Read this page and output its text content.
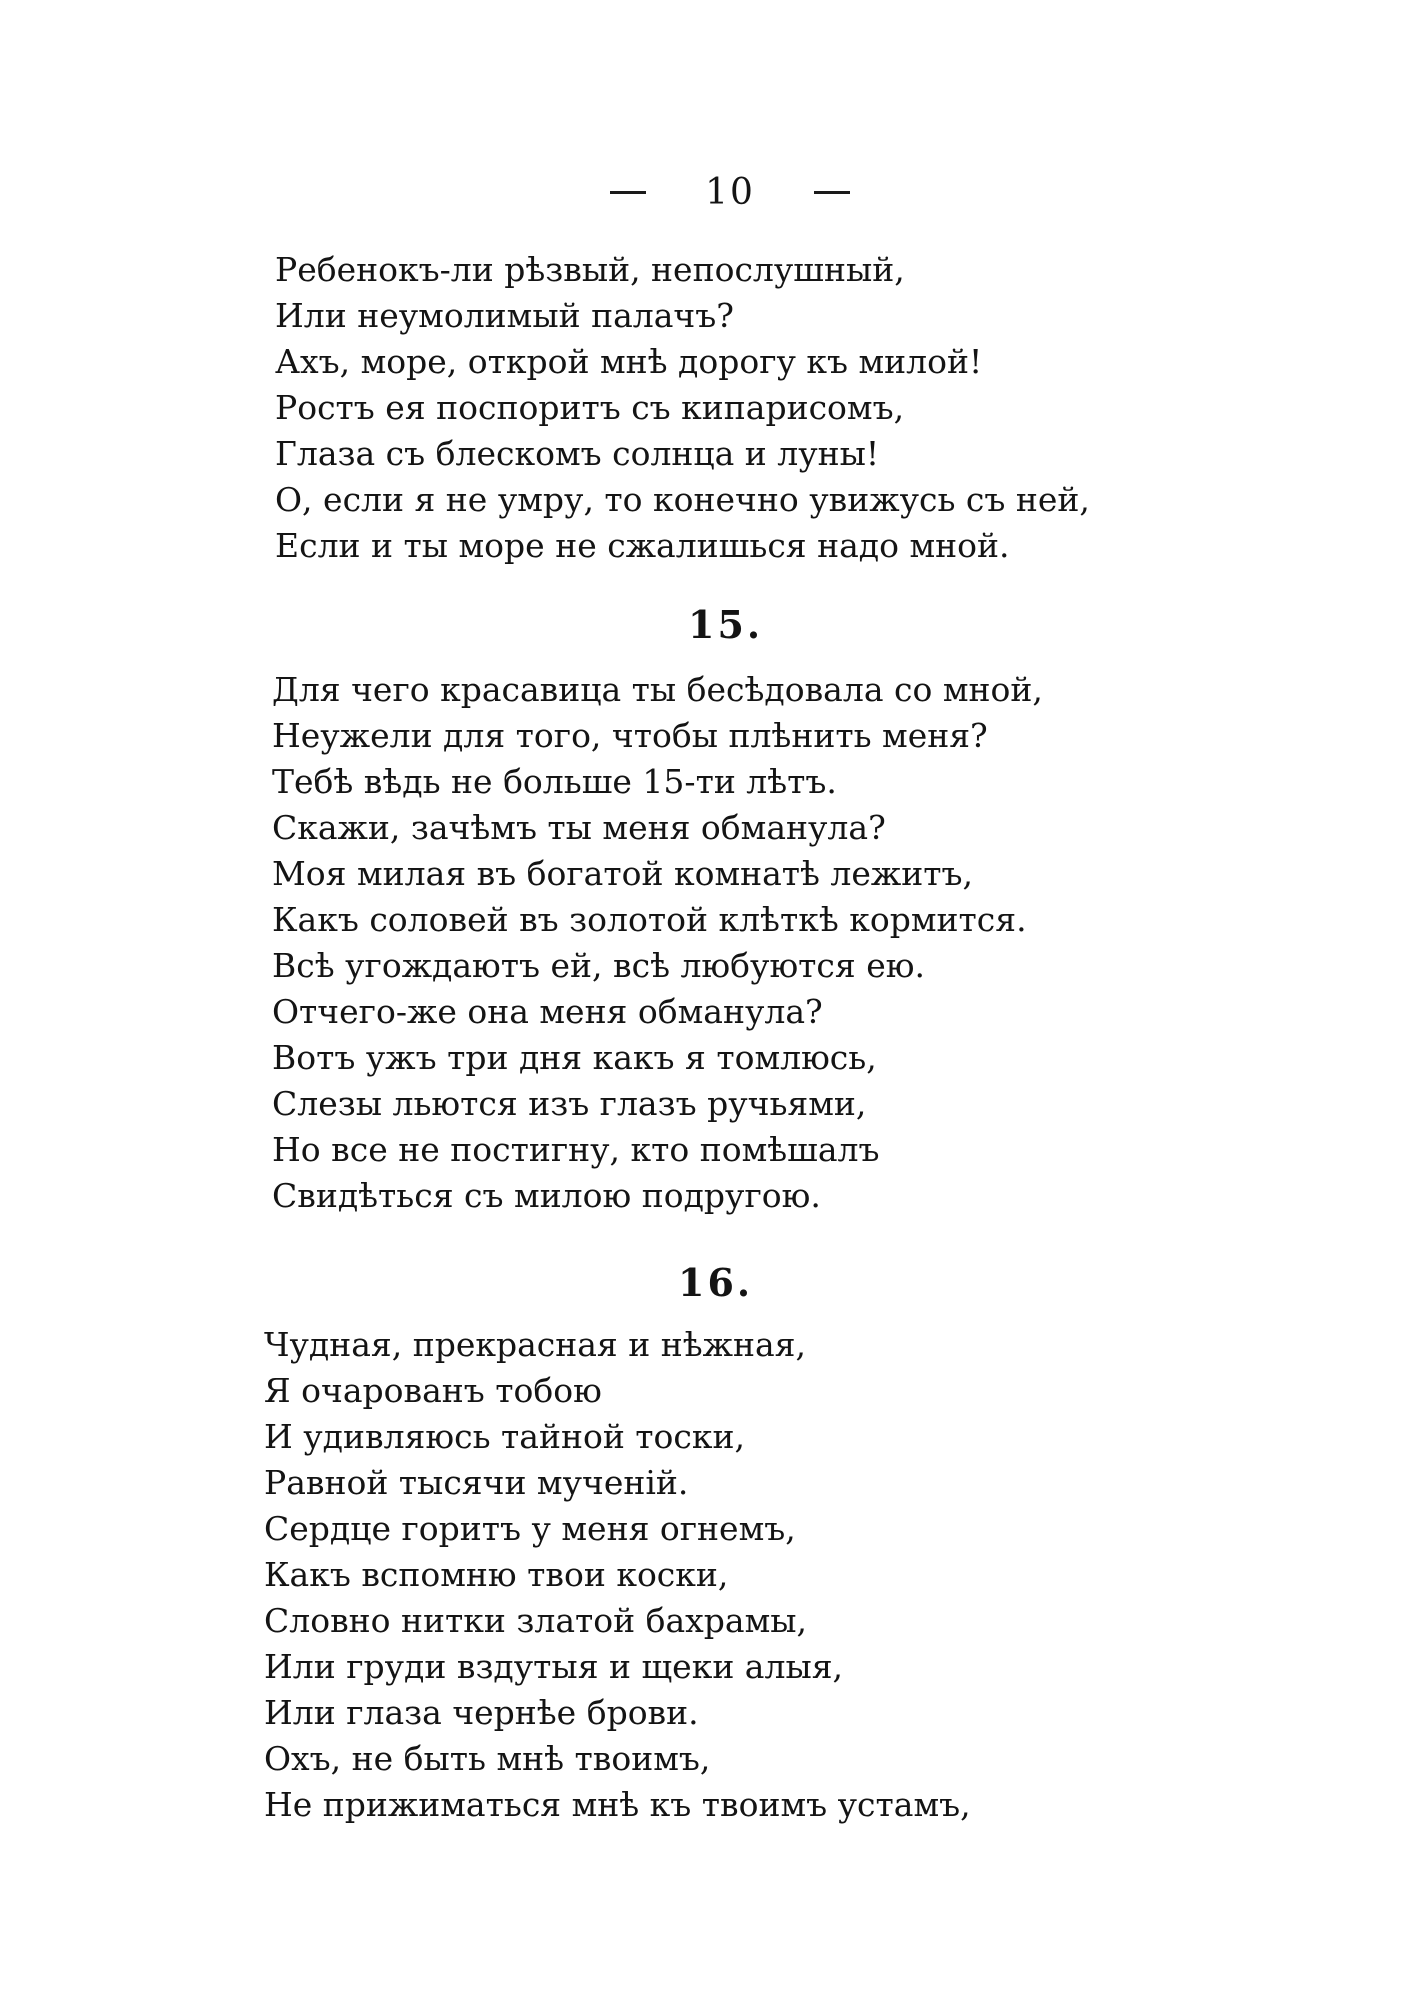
10
Ребенокъ-ли рѣзвый, непослушный,
Или неумолимый палачъ?
Ахъ, море, открой мнѣ дорогу къ милой!
Ростъ ея поспоритъ съ кипарисомъ,
Глаза съ блескомъ солнца и луны!
О, если я не умру, то конечно увижусь съ ней,
Если и ты море не сжалишься надо мной.
15.
Для чего красавица ты бесѣдовала со мной,
Неужели для того, чтобы плѣнить меня?
Тебѣ вѣдь не больше 15-ти лѣтъ.
Скажи, зачѣмъ ты меня обманула?
Моя милая въ богатой комнатѣ лежитъ,
Какъ соловей въ золотой клѣткѣ кормится.
Всѣ угождаютъ ей, всѣ любуются ею.
Отчего-же она меня обманула?
Вотъ ужъ три дня какъ я томлюсь,
Слезы льются изъ глазъ ручьями,
Но все не постигну, кто помѣшалъ
Свидѣться съ милою подругою.
16.
Чудная, прекрасная и нѣжная,
Я очарованъ тобою
И удивляюсь тайной тоски,
Равной тысячи мученій.
Сердце горитъ у меня огнемъ,
Какъ вспомню твои коски,
Словно нитки златой бахрамы,
Или груди вздутыя и щеки алыя,
Или глаза чернѣе брови.
Охъ, не быть мнѣ твоимъ,
Не прижиматься мнѣ къ твоимъ устамъ,
